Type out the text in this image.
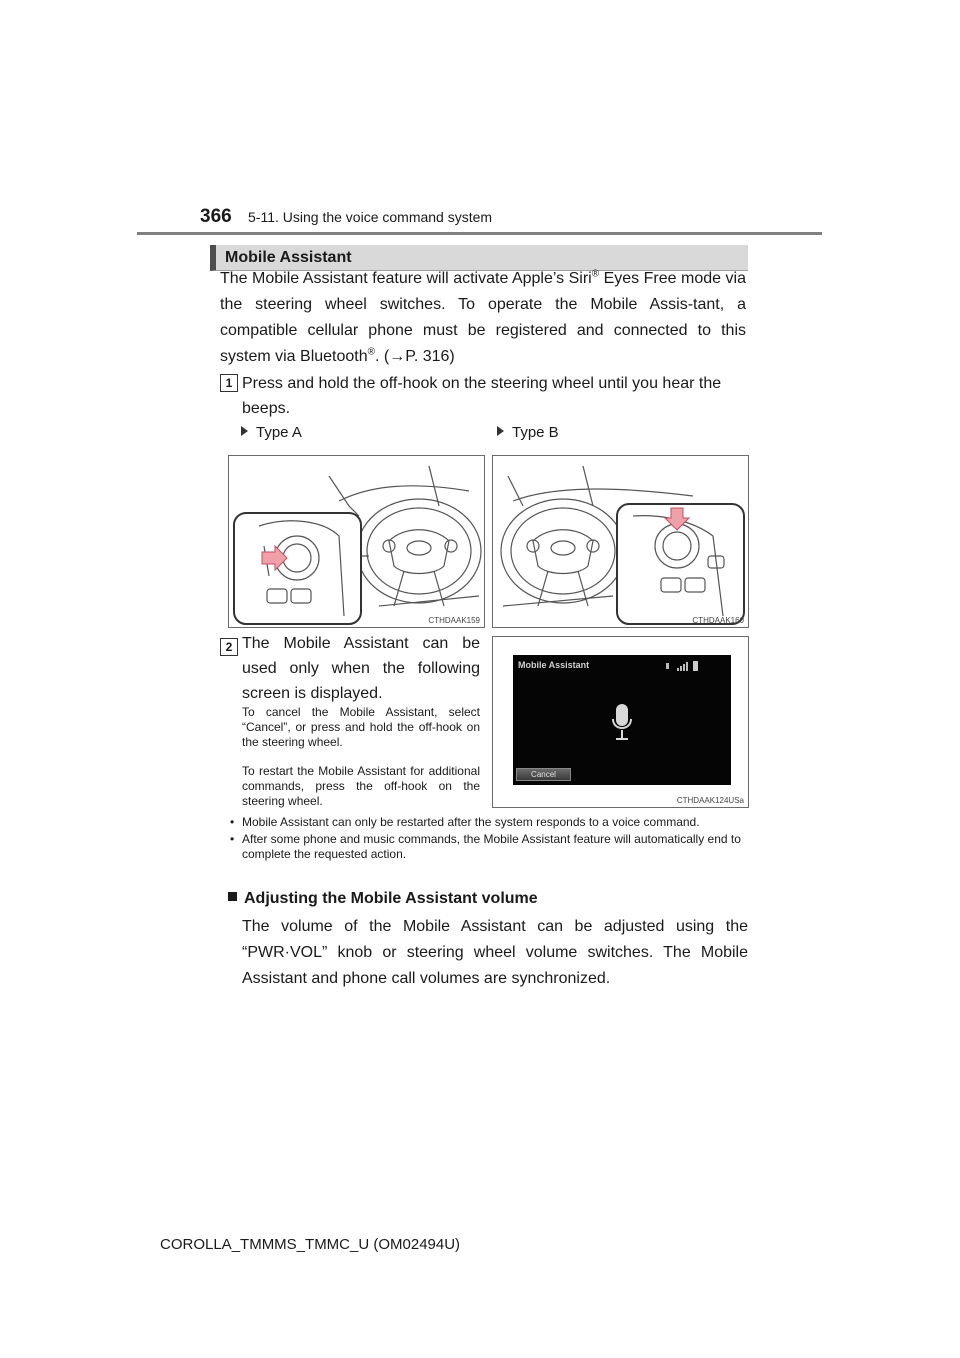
366 5-11. Using the voice command system
Mobile Assistant
The Mobile Assistant feature will activate Apple’s Siri® Eyes Free mode via the steering wheel switches. To operate the Mobile Assis-tant, a compatible cellular phone must be registered and connected to this system via Bluetooth®. (→P. 316)
1 Press and hold the off-hook on the steering wheel until you hear the beeps.
Type A	Type B
CTHDAAK159	CTHDAAK160
2 The Mobile Assistant can be used only when the following screen is displayed.
To cancel the Mobile Assistant, select “Cancel”, or press and hold the off-hook on the steering wheel.
To restart the Mobile Assistant for additional commands, press the off-hook on the steering wheel.	CTHDAAK124USa
Mobile Assistant
Cancel
• Mobile Assistant can only be restarted after the system responds to a voice command.
• After some phone and music commands, the Mobile Assistant feature will automatically end to complete the requested action.
Adjusting the Mobile Assistant volume
The volume of the Mobile Assistant can be adjusted using the “PWR·VOL” knob or steering wheel volume switches. The Mobile Assistant and phone call volumes are synchronized.
COROLLA_TMMMS_TMMC_U (OM02494U)
